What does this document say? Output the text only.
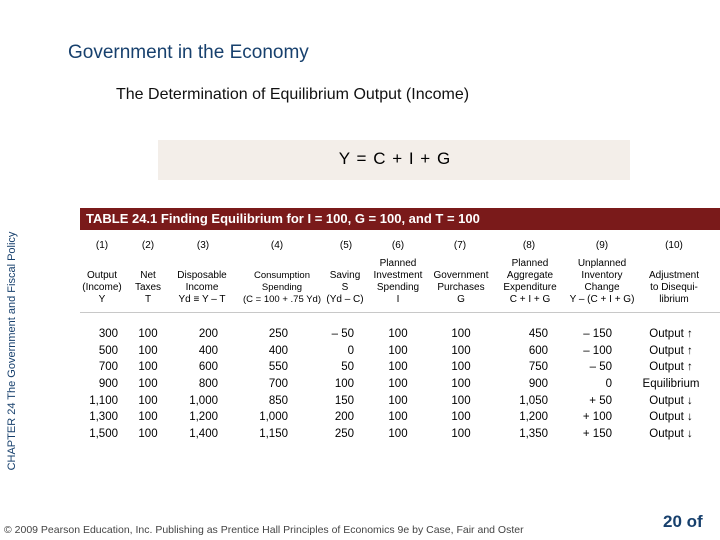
Government in the Economy
The Determination of Equilibrium Output (Income)
Y = C + I + G
CHAPTER 24 The Government and Fiscal Policy
TABLE 24.1 Finding Equilibrium for I = 100, G = 100, and T = 100
(1)

Output
(Income)
Y
300
500
700
900
1,100
1,300
1,500
(2)

Net
Taxes
T
100
100
100
100
100
100
100
(3)

Disposable
Income
Yd ≡ Y – T
200
400
600
800
1,000
1,200
1,400
(4)

Consumption
Spending
(C = 100 + .75 Yd)
250
400
550
700
850
1,000
1,150
(5)

Saving
S
(Yd – C)
– 50
0
50
100
150
200
250
(6)
Planned
Investment
Spending
I
100
100
100
100
100
100
100
(7)

Government
Purchases
G
100
100
100
100
100
100
100
(8)
Planned
Aggregate
Expenditure
C + I + G
450
600
750
900
1,050
1,200
1,350
(9)
Unplanned
Inventory
Change
Y – (C + I + G)
– 150
– 100
– 50
0
+ 50
+ 100
+ 150
(10)

Adjustment
to Disequi-
librium
Output ↑
Output ↑
Output ↑
Equilibrium
Output ↓
Output ↓
Output ↓
© 2009 Pearson Education, Inc. Publishing as Prentice Hall Principles of Economics 9e by Case, Fair and Oster	20 of
